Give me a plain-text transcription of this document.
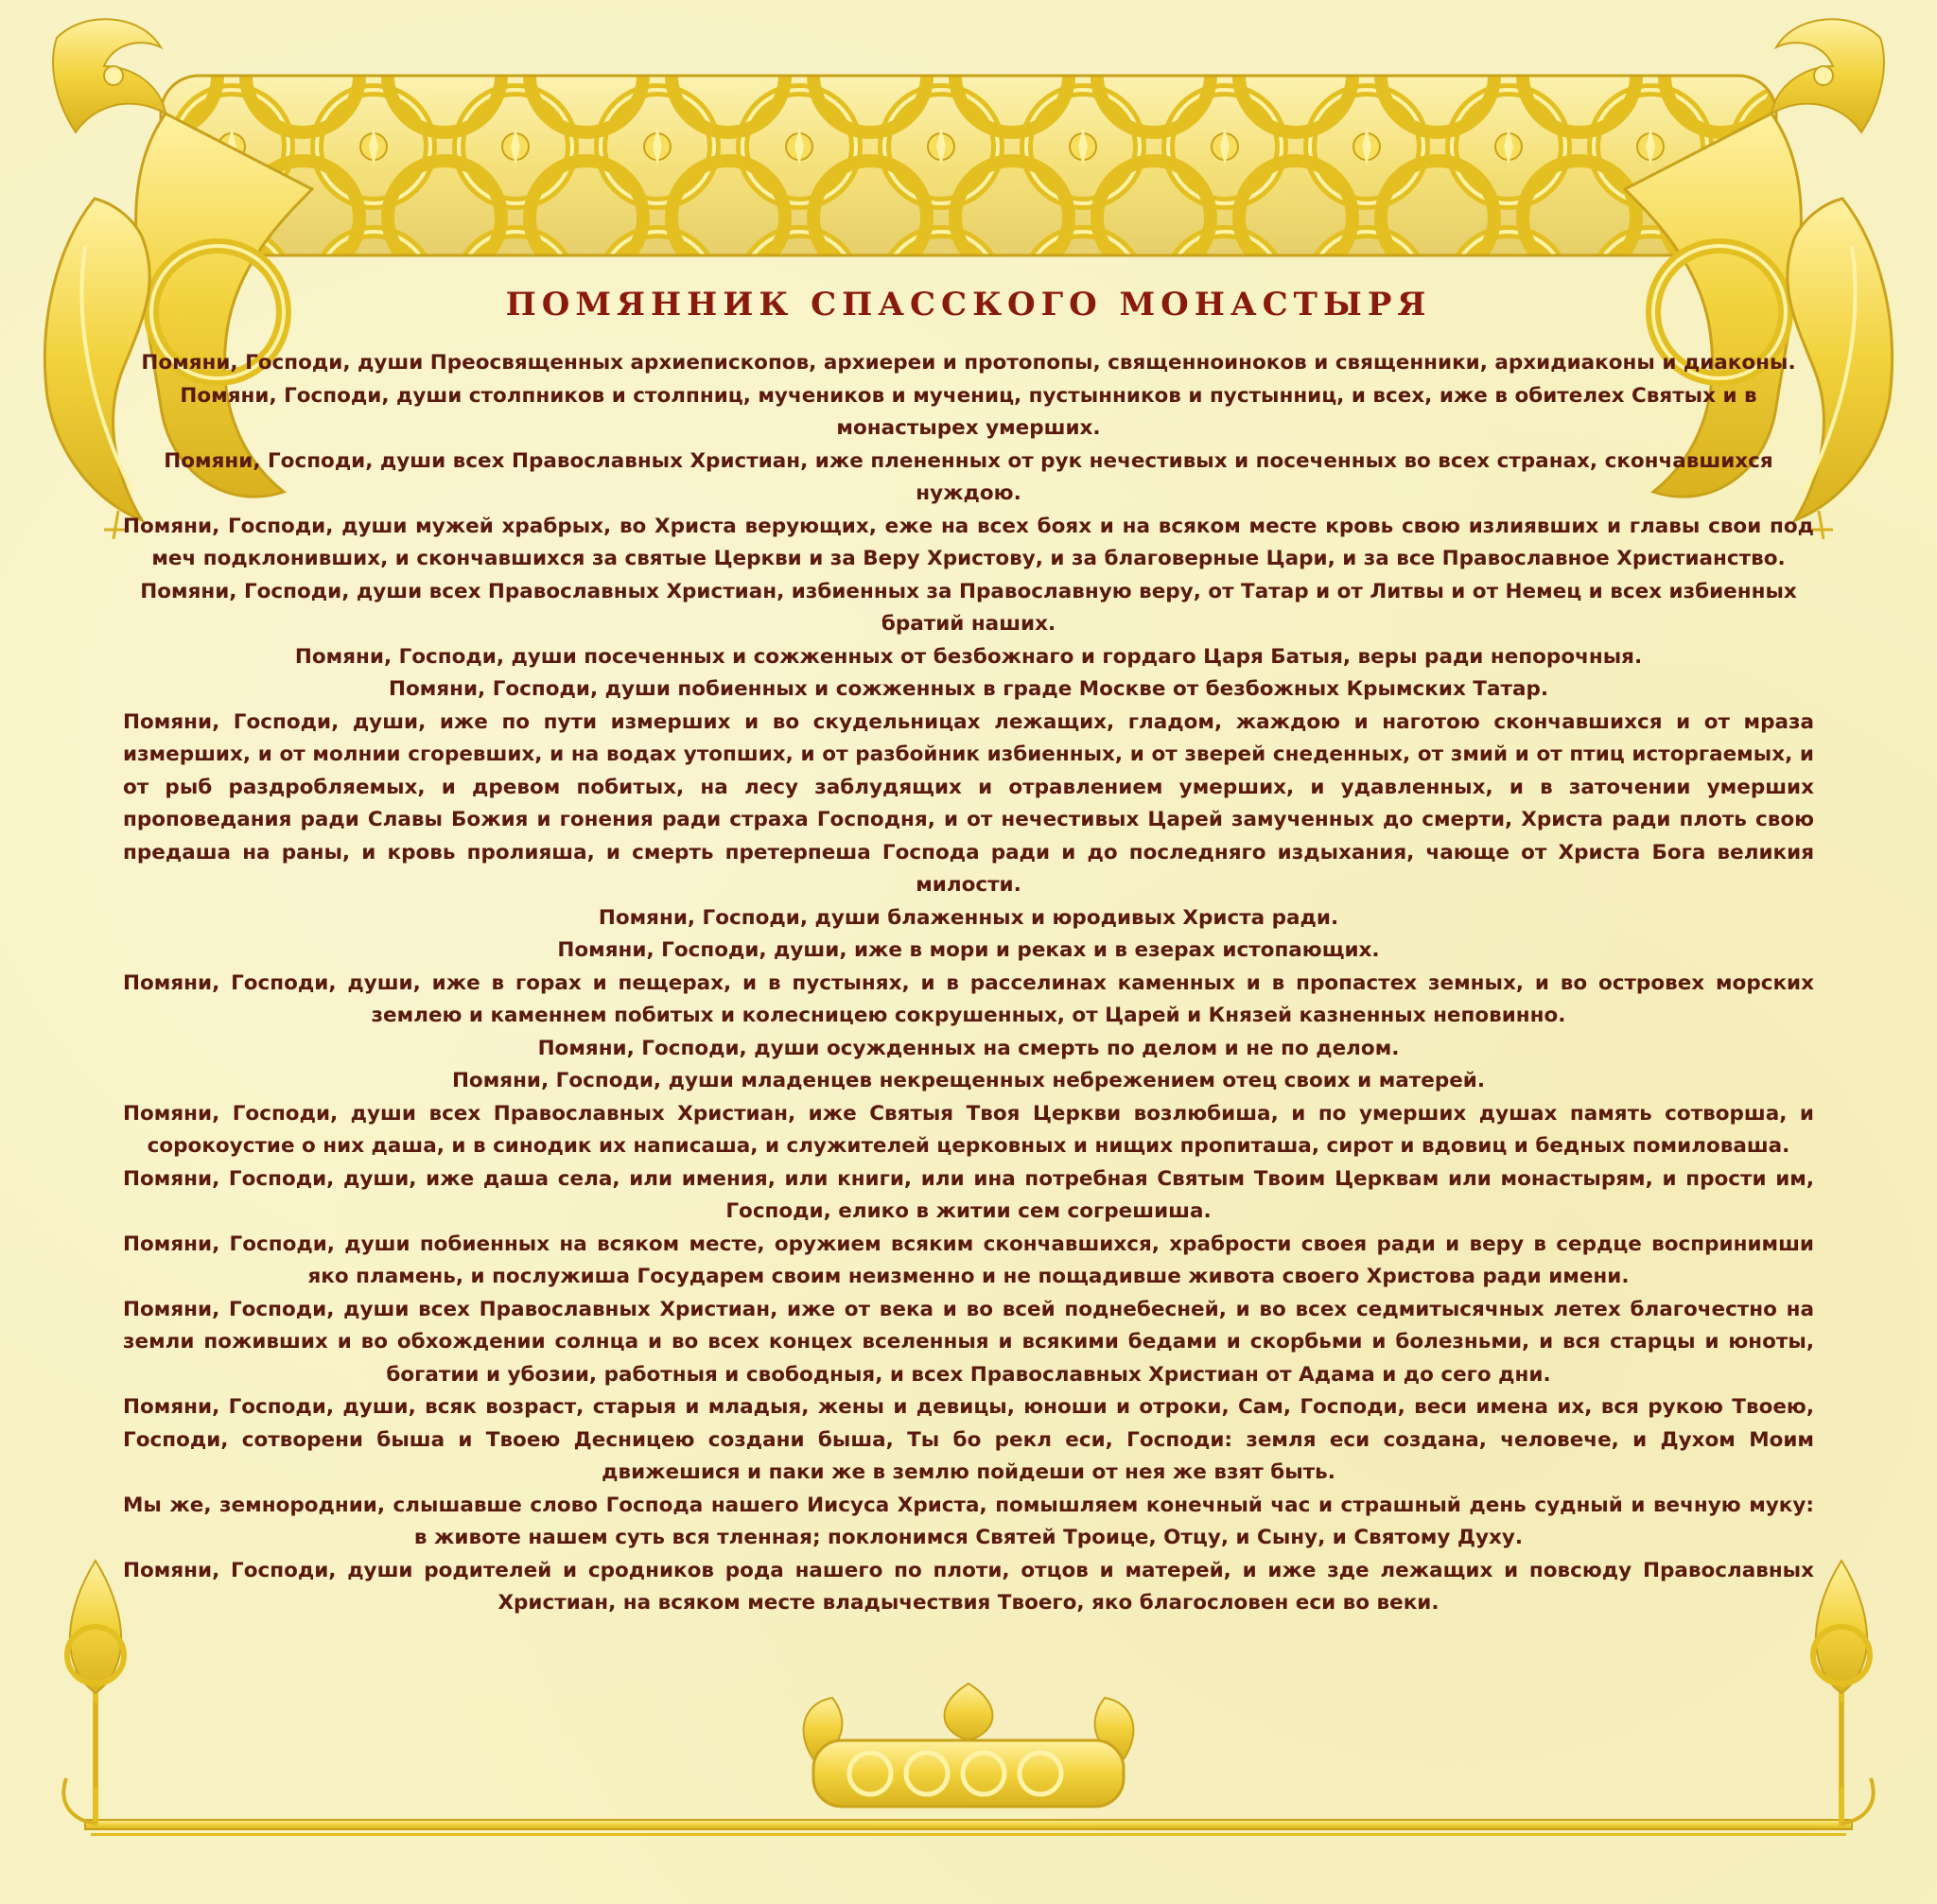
ПОМЯННИК СПАССКОГО МОНАСТЫРЯ

Помяни, Господи, души Преосвященных архиепископов, архиереи и протопопы, священноиноков и священники, архидиаконы и диаконы.

Помяни, Господи, души столпников и столпниц, мучеников и мучениц, пустынников и пустынниц, и всех, иже в обителех Святых и в монастырех умерших.

Помяни, Господи, души всех Православных Христиан, иже плененных от рук нечестивых и посеченных во всех странах, скончавшихся нуждою.

Помяни, Господи, души мужей храбрых, во Христа верующих, еже на всех боях и на всяком месте кровь свою излиявших и главы свои под меч подклонивших, и скончавшихся за святые Церкви и за Веру Христову, и за благоверные Цари, и за все Православное Христианство.

Помяни, Господи, души всех Православных Христиан, избиенных за Православную веру, от Татар и от Литвы и от Немец и всех избиенных братий наших.

Помяни, Господи, души посеченных и сожженных от безбожнаго и гордаго Царя Батыя, веры ради непорочныя.

Помяни, Господи, души побиенных и сожженных в граде Москве от безбожных Крымских Татар.

Помяни, Господи, души, иже по пути измерших и во скудельницах лежащих, гладом, жаждою и наготою скончавшихся и от мраза измерших, и от молнии сгоревших, и на водах утопших, и от разбойник избиенных, и от зверей снеденных, от змий и от птиц исторгаемых, и от рыб раздробляемых, и древом побитых, на лесу заблудящих и отравлением умерших, и удавленных, и в заточении умерших проповедания ради Славы Божия и гонения ради страха Господня, и от нечестивых Царей замученных до смерти, Христа ради плоть свою предаша на раны, и кровь пролияша, и смерть претерпеша Господа ради и до последняго издыхания, чающе от Христа Бога великия милости.

Помяни, Господи, души блаженных и юродивых Христа ради.

Помяни, Господи, души, иже в мори и реках и в езерах истопающих.

Помяни, Господи, души, иже в горах и пещерах, и в пустынях, и в расселинах каменных и в пропастех земных, и во островех морских землею и каменнем побитых и колесницею сокрушенных, от Царей и Князей казненных неповинно.

Помяни, Господи, души осужденных на смерть по делом и не по делом.

Помяни, Господи, души младенцев некрещенных небрежением отец своих и матерей.

Помяни, Господи, души всех Православных Христиан, иже Святыя Твоя Церкви возлюбиша, и по умерших душах память сотворша, и сорокоустие о них даша, и в синодик их написаша, и служителей церковных и нищих пропиташа, сирот и вдовиц и бедных помиловаша.

Помяни, Господи, души, иже даша села, или имения, или книги, или ина потребная Святым Твоим Церквам или монастырям, и прости им, Господи, елико в житии сем согрешиша.

Помяни, Господи, души побиенных на всяком месте, оружием всяким скончавшихся, храбрости своея ради и веру в сердце воспринимши яко пламень, и послужиша Государем своим неизменно и не пощадивше живота своего Христова ради имени.

Помяни, Господи, души всех Православных Христиан, иже от века и во всей поднебесней, и во всех седмитысячных летех благочестно на земли поживших и во обхождении солнца и во всех концех вселенныя и всякими бедами и скорбьми и болезньми, и вся старцы и юноты, богатии и убозии, работныя и свободныя, и всех Православных Христиан от Адама и до сего дни.

Помяни, Господи, души, всяк возраст, старыя и младыя, жены и девицы, юноши и отроки, Сам, Господи, веси имена их, вся рукою Твоею, Господи, сотворени быша и Твоею Десницею создани быша, Ты бо рекл еси, Господи: земля еси создана, человече, и Духом Моим движешися и паки же в землю пойдеши от нея же взят быть.

Мы же, земнороднии, слышавше слово Господа нашего Иисуса Христа, помышляем конечный час и страшный день судный и вечную муку: в животе нашем суть вся тленная; поклонимся Святей Троице, Отцу, и Сыну, и Святому Духу.

Помяни, Господи, души родителей и сродников рода нашего по плоти, отцов и матерей, и иже зде лежащих и повсюду Православных Христиан, на всяком месте владычествия Твоего, яко благословен еси во веки.
